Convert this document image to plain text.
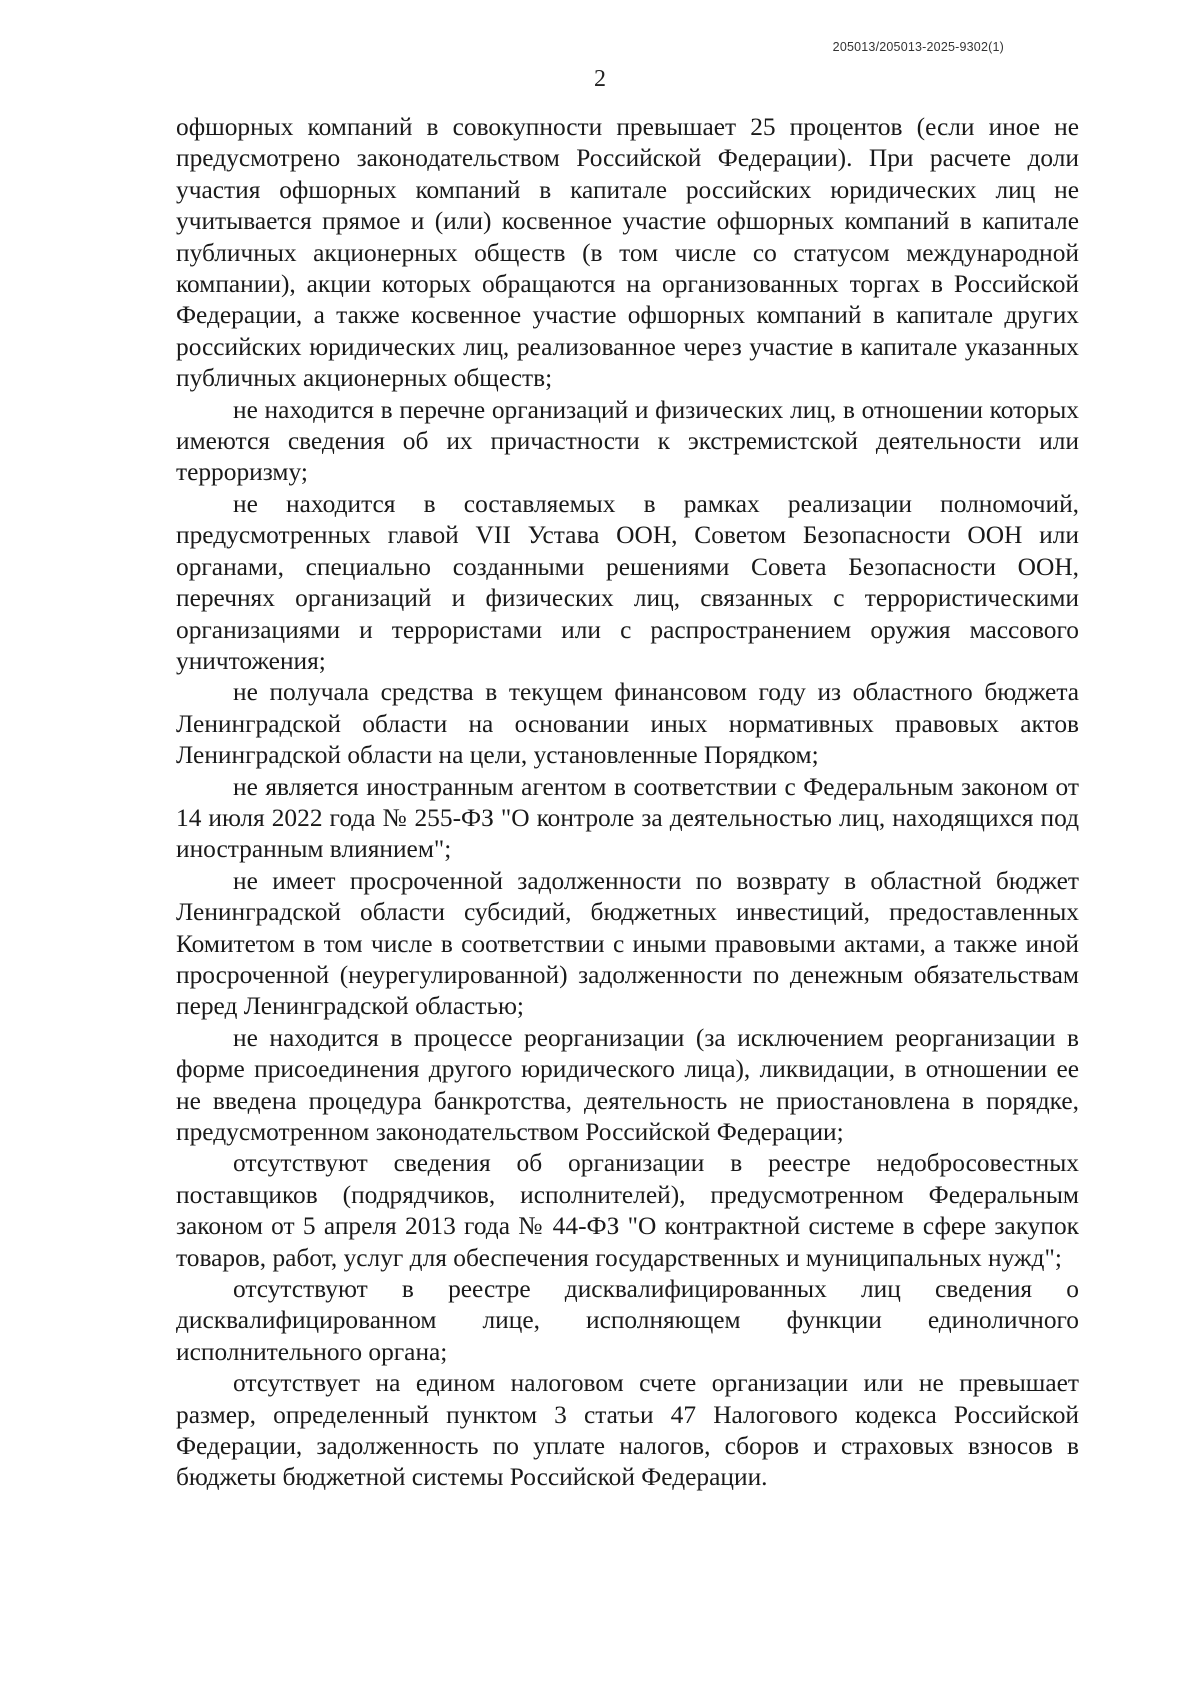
205013/205013-2025-9302(1)
2

офшорных компаний в совокупности превышает 25 процентов (если иное не предусмотрено законодательством Российской Федерации). При расчете доли участия офшорных компаний в капитале российских юридических лиц не учитывается прямое и (или) косвенное участие офшорных компаний в капитале публичных акционерных обществ (в том числе со статусом международной компании), акции которых обращаются на организованных торгах в Российской Федерации, а также косвенное участие офшорных компаний в капитале других российских юридических лиц, реализованное через участие в капитале указанных публичных акционерных обществ;

не находится в перечне организаций и физических лиц, в отношении которых имеются сведения об их причастности к экстремистской деятельности или терроризму;

не находится в составляемых в рамках реализации полномочий, предусмотренных главой VII Устава ООН, Советом Безопасности ООН или органами, специально созданными решениями Совета Безопасности ООН, перечнях организаций и физических лиц, связанных с террористическими организациями и террористами или с распространением оружия массового уничтожения;

не получала средства в текущем финансовом году из областного бюджета Ленинградской области на основании иных нормативных правовых актов Ленинградской области на цели, установленные Порядком;

не является иностранным агентом в соответствии с Федеральным законом от 14 июля 2022 года № 255-ФЗ "О контроле за деятельностью лиц, находящихся под иностранным влиянием";

не имеет просроченной задолженности по возврату в областной бюджет Ленинградской области субсидий, бюджетных инвестиций, предоставленных Комитетом в том числе в соответствии с иными правовыми актами, а также иной просроченной (неурегулированной) задолженности по денежным обязательствам перед Ленинградской областью;

не находится в процессе реорганизации (за исключением реорганизации в форме присоединения другого юридического лица), ликвидации, в отношении ее не введена процедура банкротства, деятельность не приостановлена в порядке, предусмотренном законодательством Российской Федерации;

отсутствуют сведения об организации в реестре недобросовестных поставщиков (подрядчиков, исполнителей), предусмотренном Федеральным законом от 5 апреля 2013 года № 44-ФЗ "О контрактной системе в сфере закупок товаров, работ, услуг для обеспечения государственных и муниципальных нужд";

отсутствуют в реестре дисквалифицированных лиц сведения о дисквалифицированном лице, исполняющем функции единоличного исполнительного органа;

отсутствует на едином налоговом счете организации или не превышает размер, определенный пунктом 3 статьи 47 Налогового кодекса Российской Федерации, задолженность по уплате налогов, сборов и страховых взносов в бюджеты бюджетной системы Российской Федерации.
